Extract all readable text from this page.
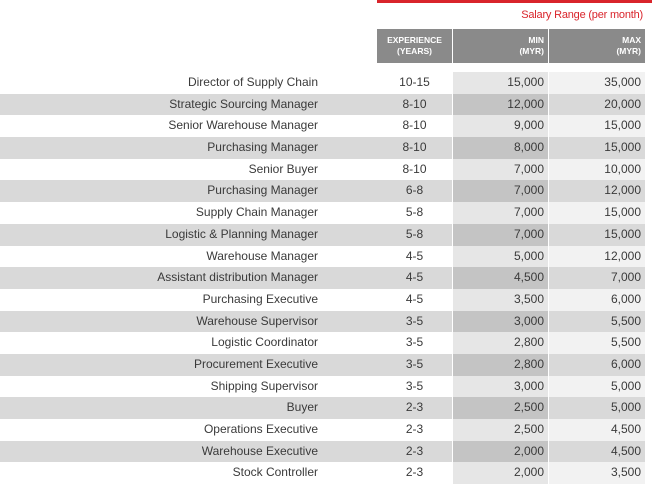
Salary Range (per month)
EXPERIENCE
(YEARS)
MIN
(MYR)
MAX
(MYR)
Director of Supply Chain	10-15	15,000	35,000
Strategic Sourcing Manager	8-10	12,000	20,000
Senior Warehouse Manager	8-10	9,000	15,000
Purchasing Manager	8-10	8,000	15,000
Senior Buyer	8-10	7,000	10,000
Purchasing Manager	6-8	7,000	12,000
Supply Chain Manager	5-8	7,000	15,000
Logistic & Planning Manager	5-8	7,000	15,000
Warehouse Manager	4-5	5,000	12,000
Assistant distribution Manager	4-5	4,500	7,000
Purchasing Executive	4-5	3,500	6,000
Warehouse Supervisor	3-5	3,000	5,500
Logistic Coordinator	3-5	2,800	5,500
Procurement Executive	3-5	2,800	6,000
Shipping Supervisor	3-5	3,000	5,000
Buyer	2-3	2,500	5,000
Operations Executive	2-3	2,500	4,500
Warehouse Executive	2-3	2,000	4,500
Stock Controller	2-3	2,000	3,500
